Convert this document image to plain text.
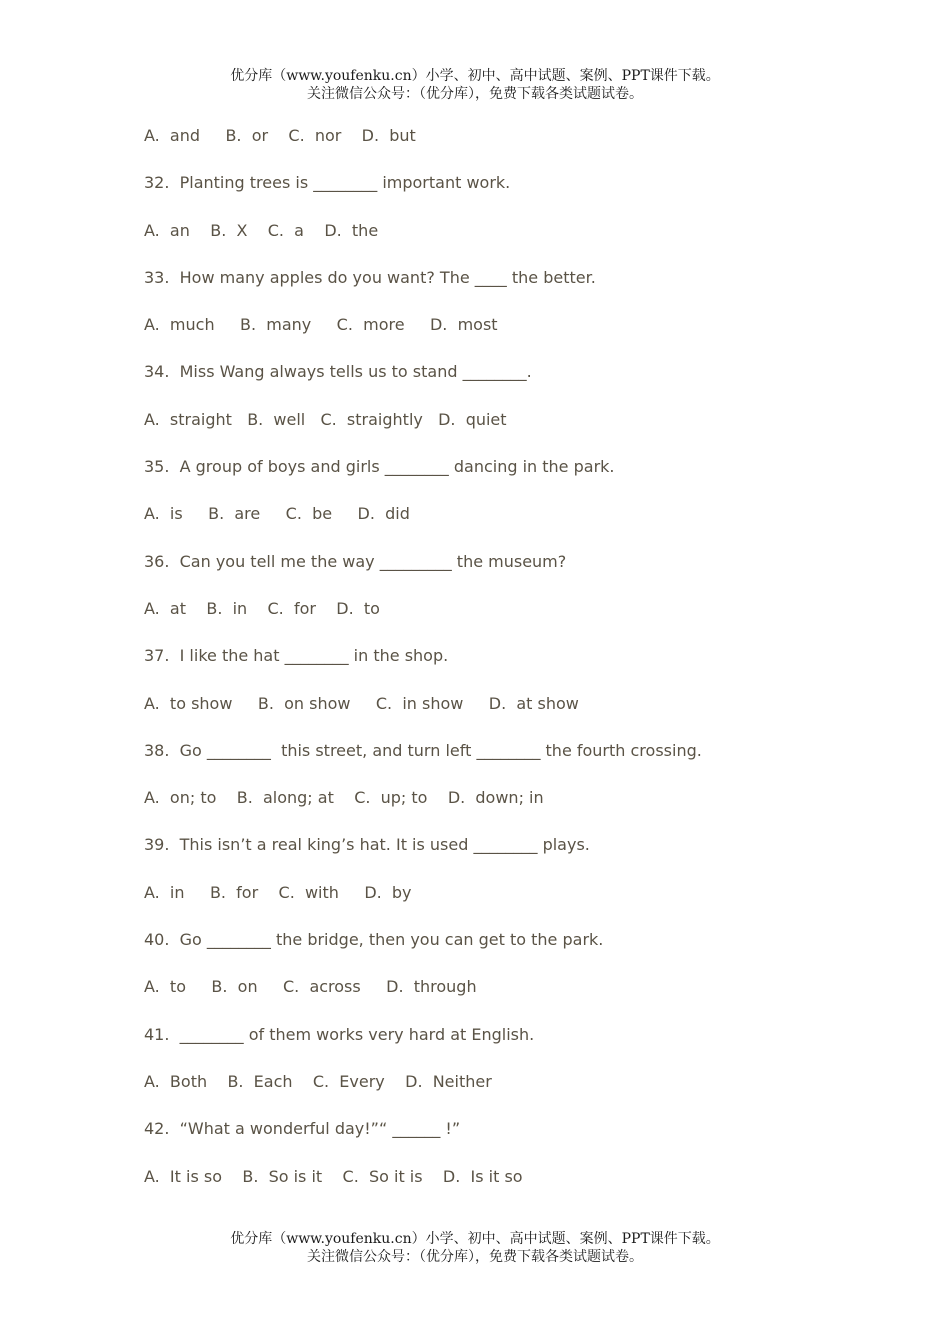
优分库（www.youfenku.cn）小学、初中、高中试题、案例、PPT课件下载。
关注微信公众号：（优分库），免费下载各类试题试卷。
A.  and     B.  or    C.  nor    D.  but
32.  Planting trees is ________ important work.
A.  an    B.  X    C.  a    D.  the
33.  How many apples do you want? The ____ the better.
A.  much     B.  many     C.  more     D.  most
34.  Miss Wang always tells us to stand ________.
A.  straight   B.  well   C.  straightly   D.  quiet
35.  A group of boys and girls ________ dancing in the park.
A.  is     B.  are     C.  be     D.  did
36.  Can you tell me the way _________ the museum?
A.  at    B.  in    C.  for    D.  to
37.  I like the hat ________ in the shop.
A.  to show     B.  on show     C.  in show     D.  at show
38.  Go ________  this street, and turn left ________ the fourth crossing.
A.  on; to    B.  along; at    C.  up; to    D.  down; in
39.  This isn’t a real king’s hat. It is used ________ plays.
A.  in     B.  for    C.  with     D.  by
40.  Go ________ the bridge, then you can get to the park.
A.  to     B.  on     C.  across     D.  through
41.  ________ of them works very hard at English.
A.  Both    B.  Each    C.  Every    D.  Neither
42.  “What a wonderful day!”“ ______ !”
A.  It is so    B.  So is it    C.  So it is    D.  Is it so
优分库（www.youfenku.cn）小学、初中、高中试题、案例、PPT课件下载。
关注微信公众号：（优分库），免费下载各类试题试卷。
